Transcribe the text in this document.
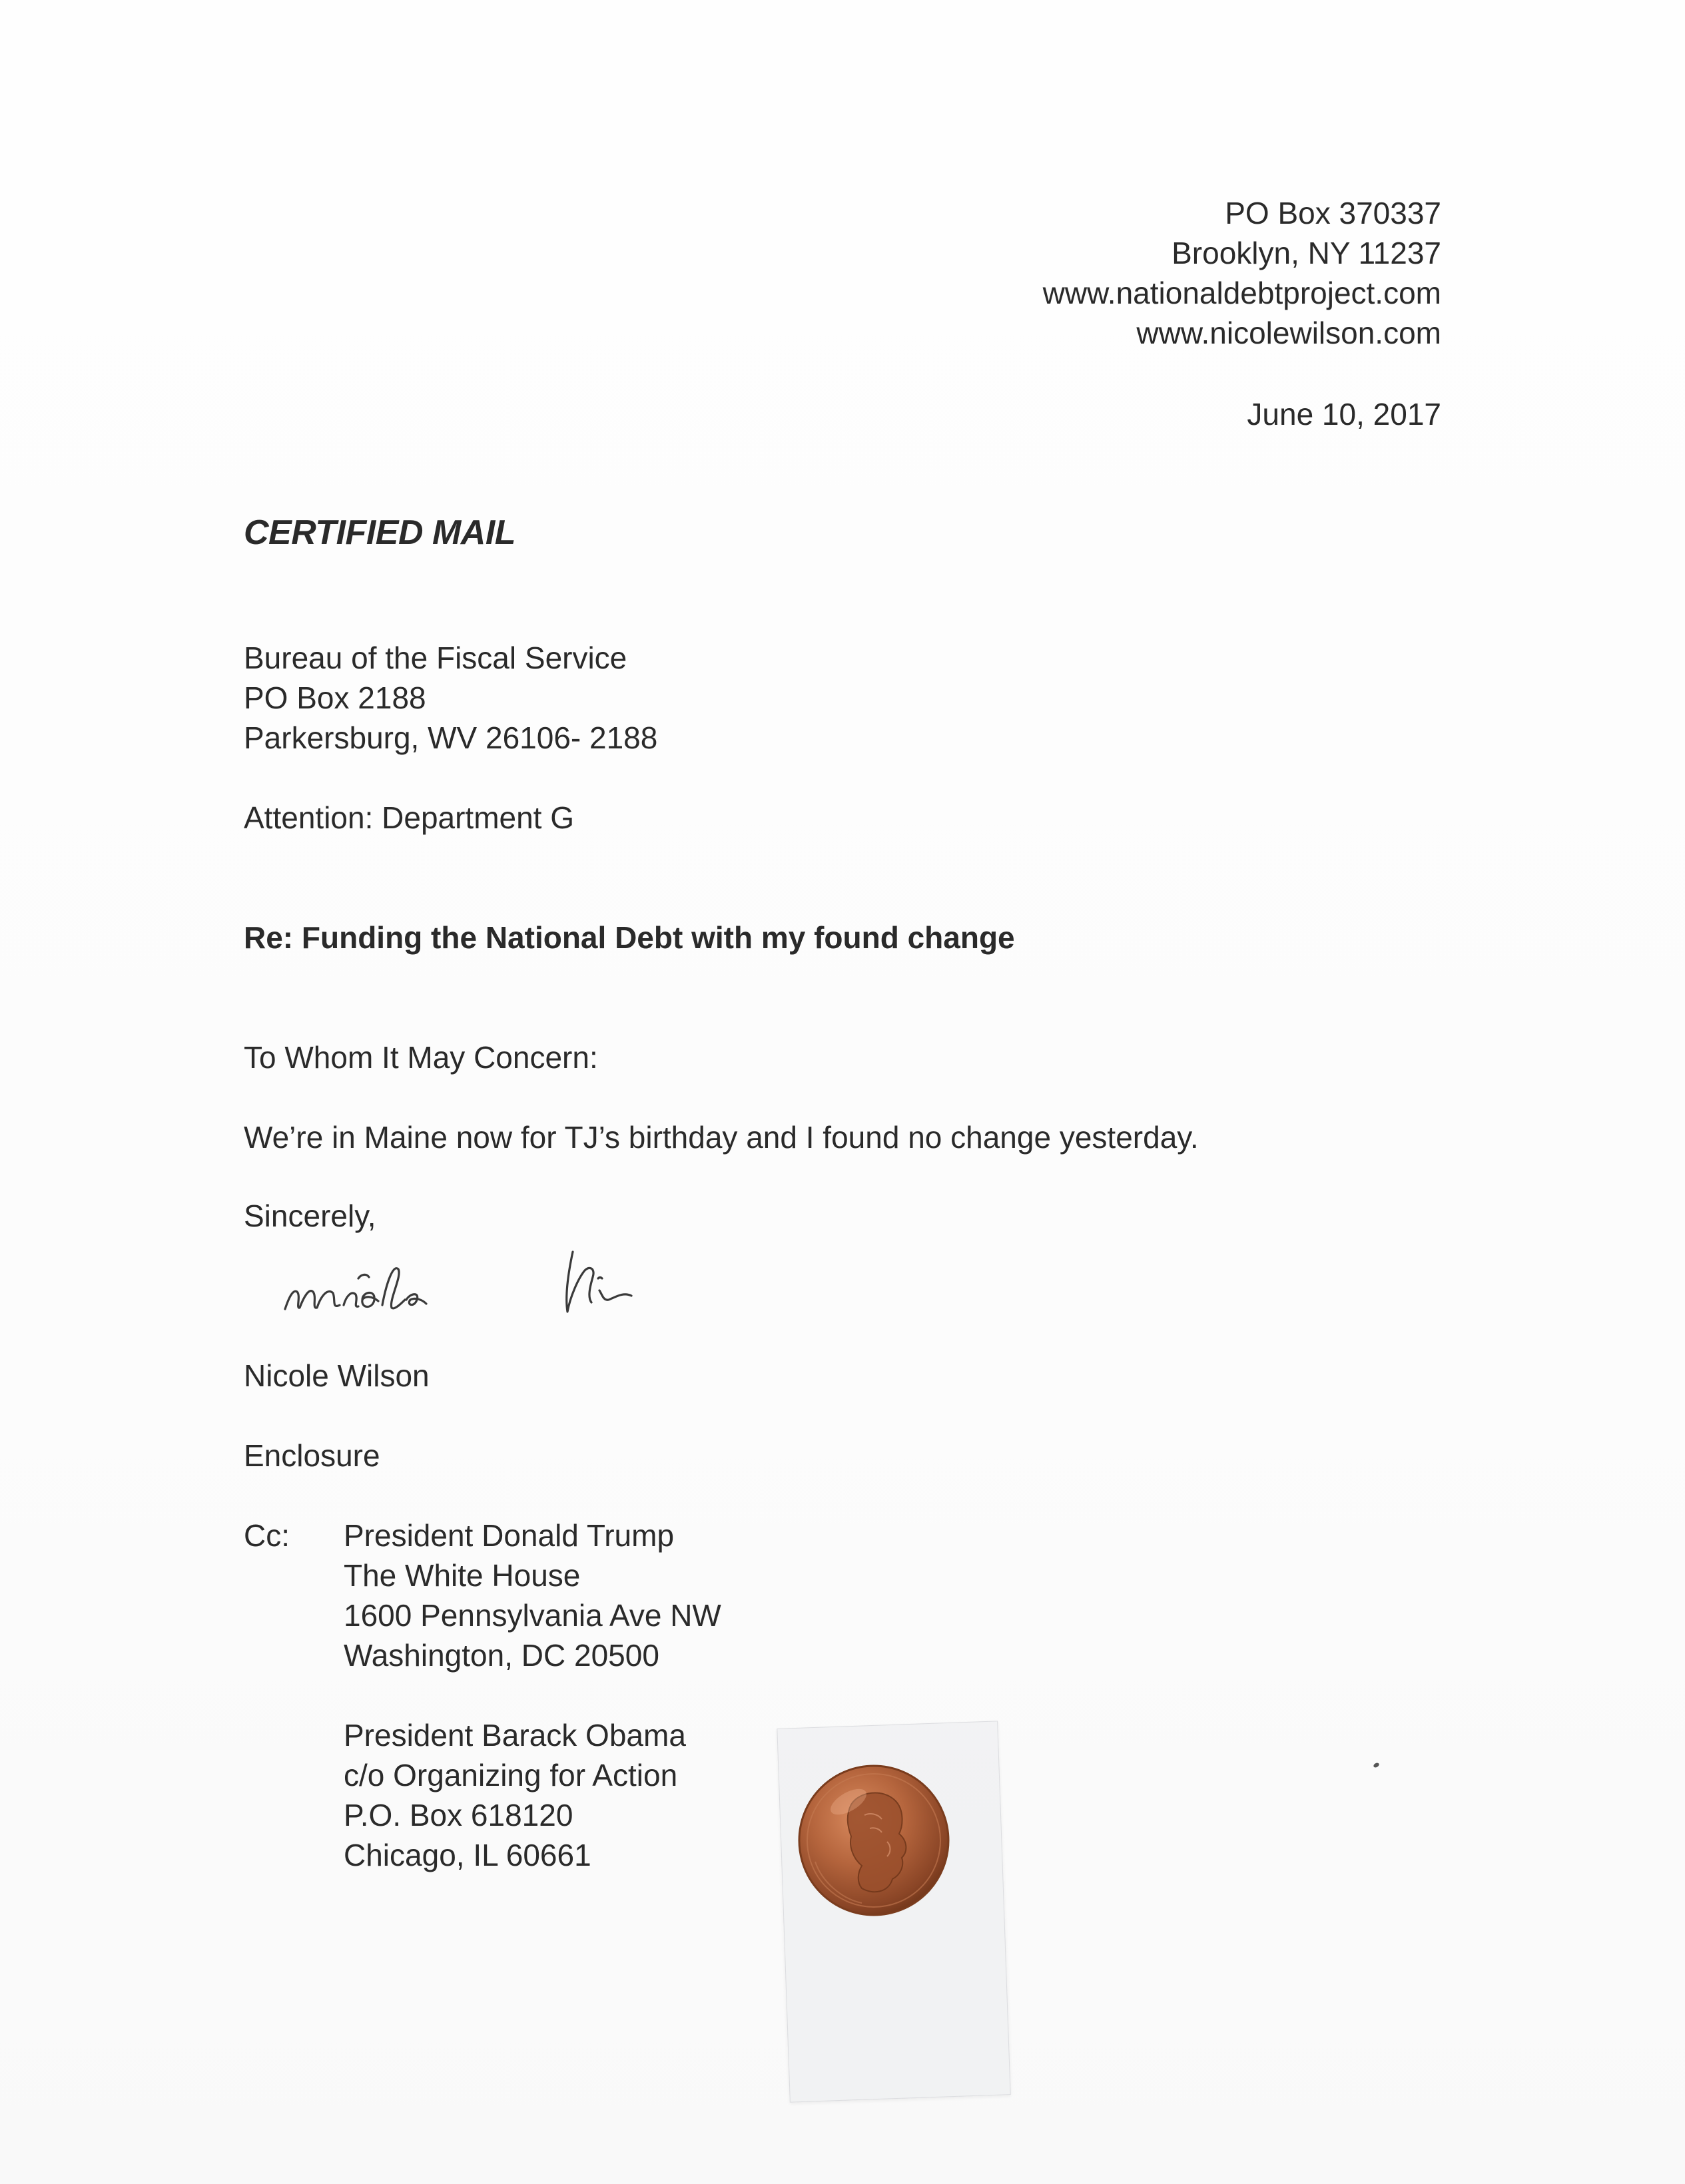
PO Box 370337
Brooklyn, NY 11237
www.nationaldebtproject.com
www.nicolewilson.com
June 10, 2017
CERTIFIED MAIL
Bureau of the Fiscal Service
PO Box 2188
Parkersburg, WV 26106- 2188
Attention: Department G
Re: Funding the National Debt with my found change
To Whom It May Concern:
We’re in Maine now for TJ’s birthday and I found no change yesterday.
Sincerely,
Nicole Wilson
Enclosure
Cc: President Donald Trump
The White House
1600 Pennsylvania Ave NW
Washington, DC 20500
President Barack Obama
c/o Organizing for Action
P.O. Box 618120
Chicago, IL 60661
